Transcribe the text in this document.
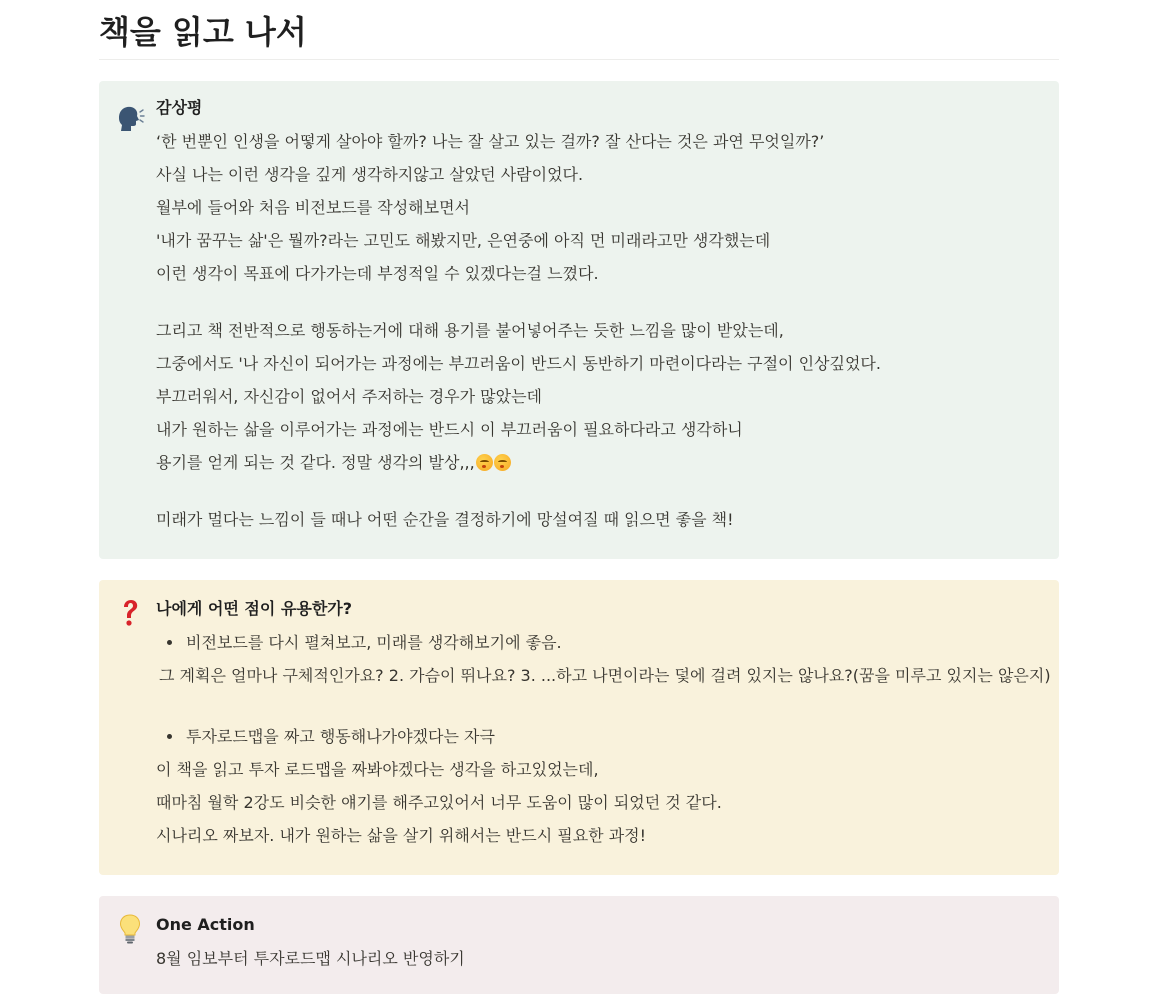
책을 읽고 나서
감상평
‘한 번뿐인 인생을 어떻게 살아야 할까? 나는 잘 살고 있는 걸까? 잘 산다는 것은 과연 무엇일까?’
사실 나는 이런 생각을 깊게 생각하지않고 살았던 사람이었다.
월부에 들어와 처음 비전보드를 작성해보면서
'내가 꿈꾸는 삶'은 뭘까?라는 고민도 해봤지만, 은연중에 아직 먼 미래라고만 생각했는데
이런 생각이 목표에 다가가는데 부정적일 수 있겠다는걸 느꼈다.
그리고 책 전반적으로 행동하는거에 대해 용기를 불어넣어주는 듯한 느낌을 많이 받았는데,
그중에서도 '나 자신이 되어가는 과정에는 부끄러움이 반드시 동반하기 마련이다라는 구절이 인상깊었다.
부끄러워서, 자신감이 없어서 주저하는 경우가 많았는데
내가 원하는 삶을 이루어가는 과정에는 반드시 이 부끄러움이 필요하다라고 생각하니
용기를 얻게 되는 것 같다. 정말 생각의 발상,,,
미래가 멀다는 느낌이 들 때나 어떤 순간을 결정하기에 망설여질 때 읽으면 좋을 책!
나에게 어떤 점이 유용한가?
비전보드를 다시 펼쳐보고, 미래를 생각해보기에 좋음.
그 계획은 얼마나 구체적인가요? 2. 가슴이 뛰나요? 3. ...하고 나면이라는 덫에 걸려 있지는 않나요?(꿈을 미루고 있지는 않은지)
투자로드맵을 짜고 행동해나가야겠다는 자극
이 책을 읽고 투자 로드맵을 짜봐야겠다는 생각을 하고있었는데,
때마침 월학 2강도 비슷한 얘기를 해주고있어서 너무 도움이 많이 되었던 것 같다.
시나리오 짜보자. 내가 원하는 삶을 살기 위해서는 반드시 필요한 과정!
One Action
8월 임보부터 투자로드맵 시나리오 반영하기
